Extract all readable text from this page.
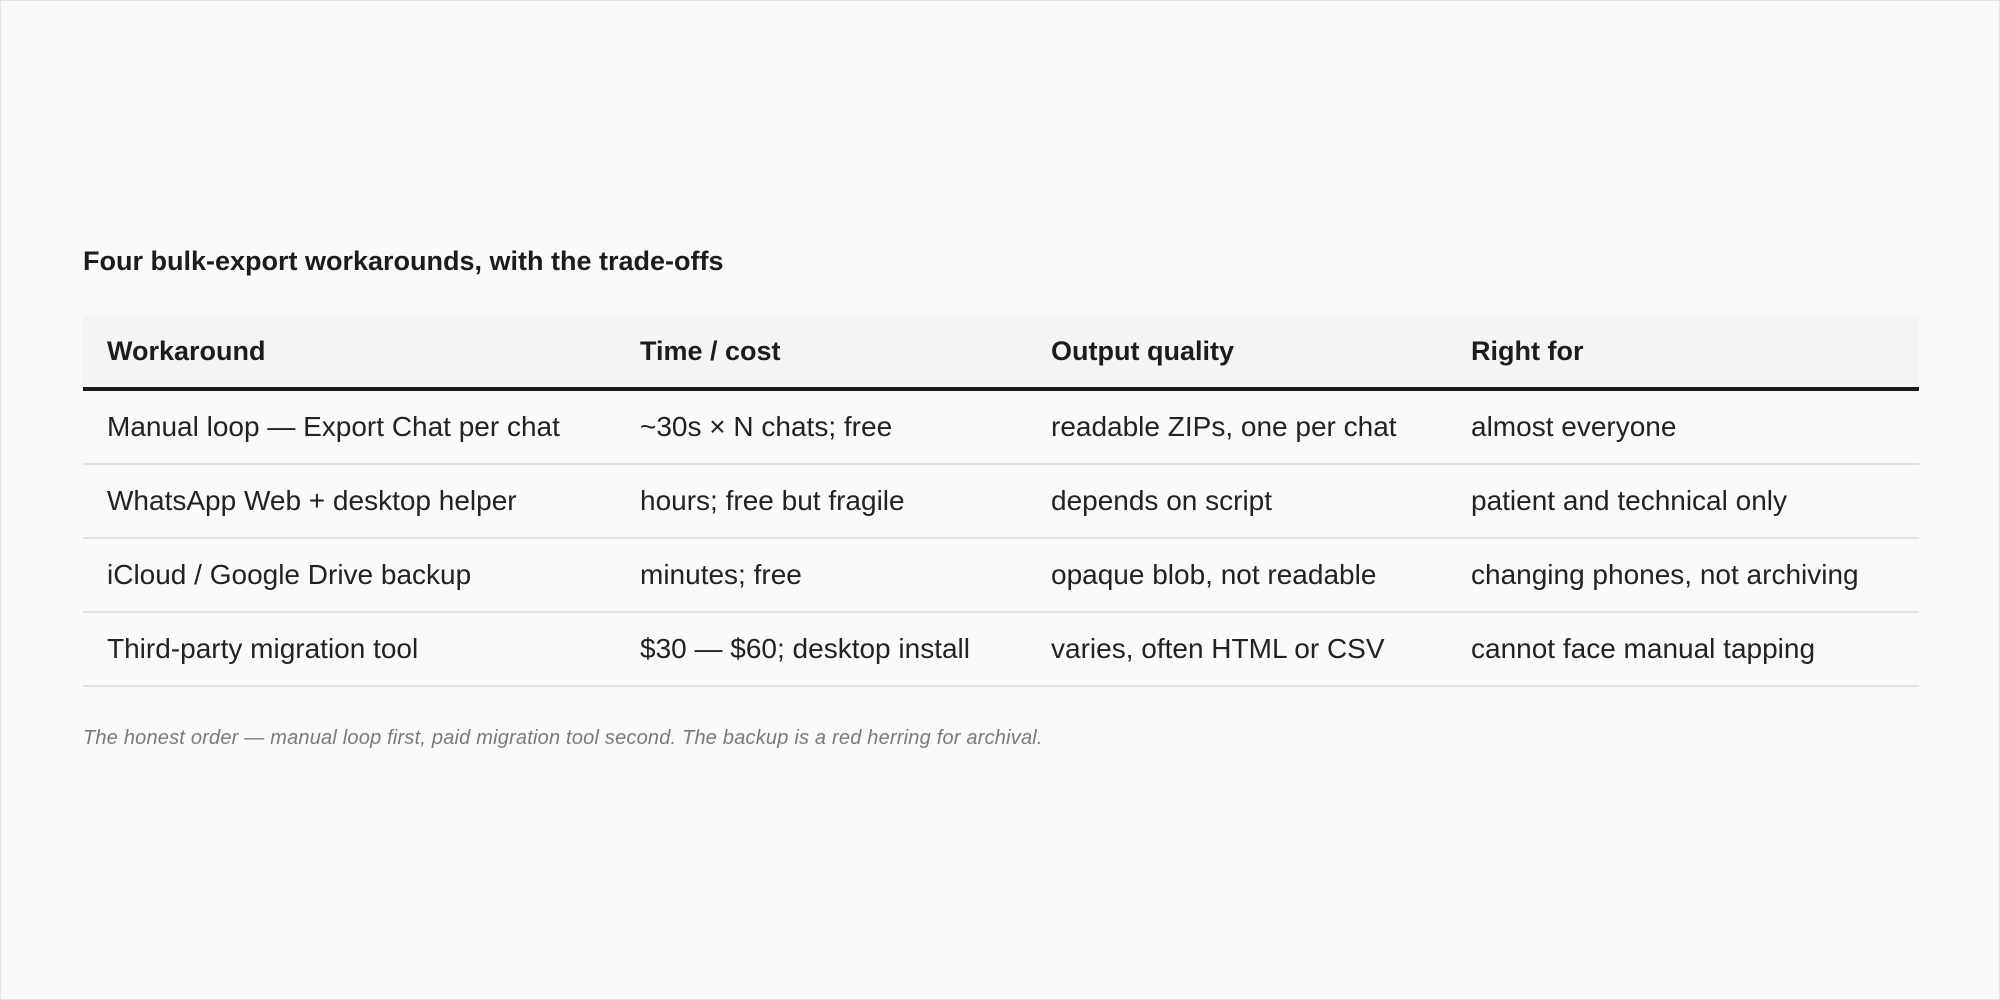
Four bulk-export workarounds, with the trade-offs
Workaround	Time / cost	Output quality	Right for
Manual loop — Export Chat per chat	~30s × N chats; free	readable ZIPs, one per chat	almost everyone
WhatsApp Web + desktop helper	hours; free but fragile	depends on script	patient and technical only
iCloud / Google Drive backup	minutes; free	opaque blob, not readable	changing phones, not archiving
Third-party migration tool	$30 — $60; desktop install	varies, often HTML or CSV	cannot face manual tapping

The honest order — manual loop first, paid migration tool second. The backup is a red herring for archival.
